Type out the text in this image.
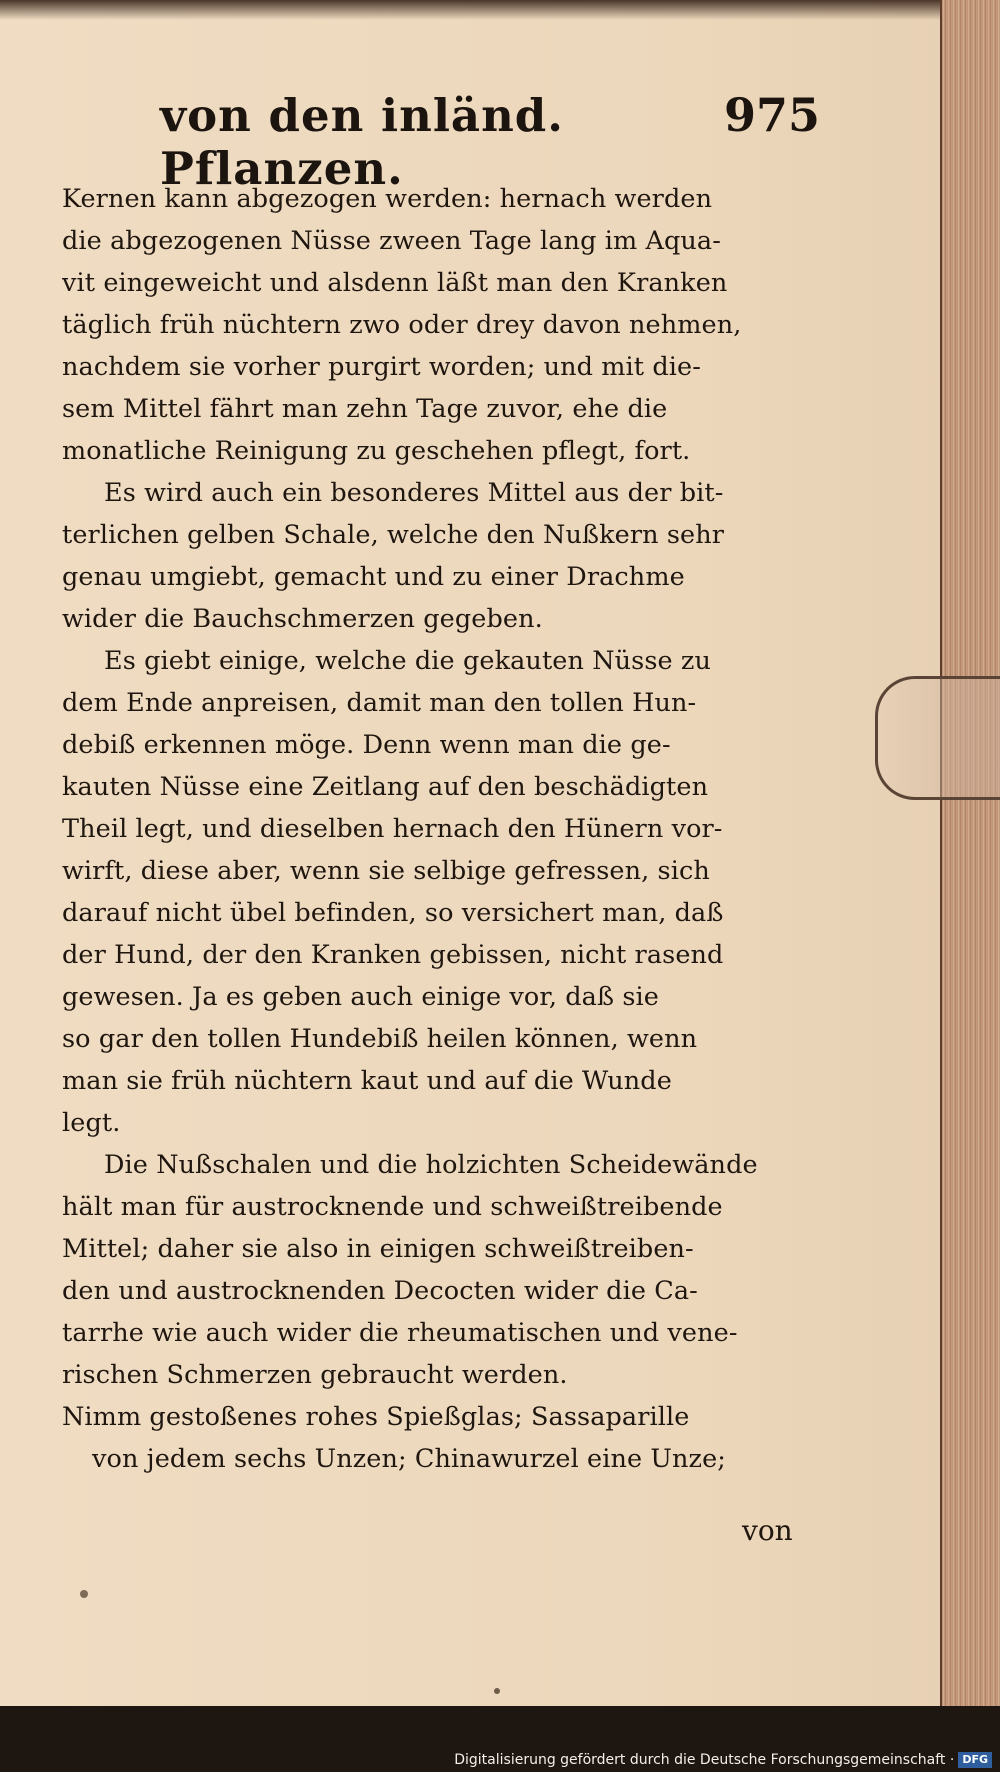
von den inländ. Pflanzen.
975
Kernen kann abgezogen werden: hernach werden
die abgezogenen Nüsse zween Tage lang im Aqua-
vit eingeweicht und alsdenn läßt man den Kranken
täglich früh nüchtern zwo oder drey davon nehmen,
nachdem sie vorher purgirt worden; und mit die-
sem Mittel fährt man zehn Tage zuvor, ehe die
monatliche Reinigung zu geschehen pflegt, fort.
Es wird auch ein besonderes Mittel aus der bit-
terlichen gelben Schale, welche den Nußkern sehr
genau umgiebt, gemacht und zu einer Drachme
wider die Bauchschmerzen gegeben.
Es giebt einige, welche die gekauten Nüsse zu
dem Ende anpreisen, damit man den tollen Hun-
debiß erkennen möge. Denn wenn man die ge-
kauten Nüsse eine Zeitlang auf den beschädigten
Theil legt, und dieselben hernach den Hünern vor-
wirft, diese aber, wenn sie selbige gefressen, sich
darauf nicht übel befinden, so versichert man, daß
der Hund, der den Kranken gebissen, nicht rasend
gewesen. Ja es geben auch einige vor, daß sie
so gar den tollen Hundebiß heilen können, wenn
man sie früh nüchtern kaut und auf die Wunde
legt.
Die Nußschalen und die holzichten Scheidewände
hält man für austrocknende und schweißtreibende
Mittel; daher sie also in einigen schweißtreiben-
den und austrocknenden Decocten wider die Ca-
tarrhe wie auch wider die rheumatischen und vene-
rischen Schmerzen gebraucht werden.
Nimm gestoßenes rohes Spießglas; Sassaparille
von jedem sechs Unzen; Chinawurzel eine Unze;
von
Digitalisierung gefördert durch die Deutsche Forschungsgemeinschaft · DFG
